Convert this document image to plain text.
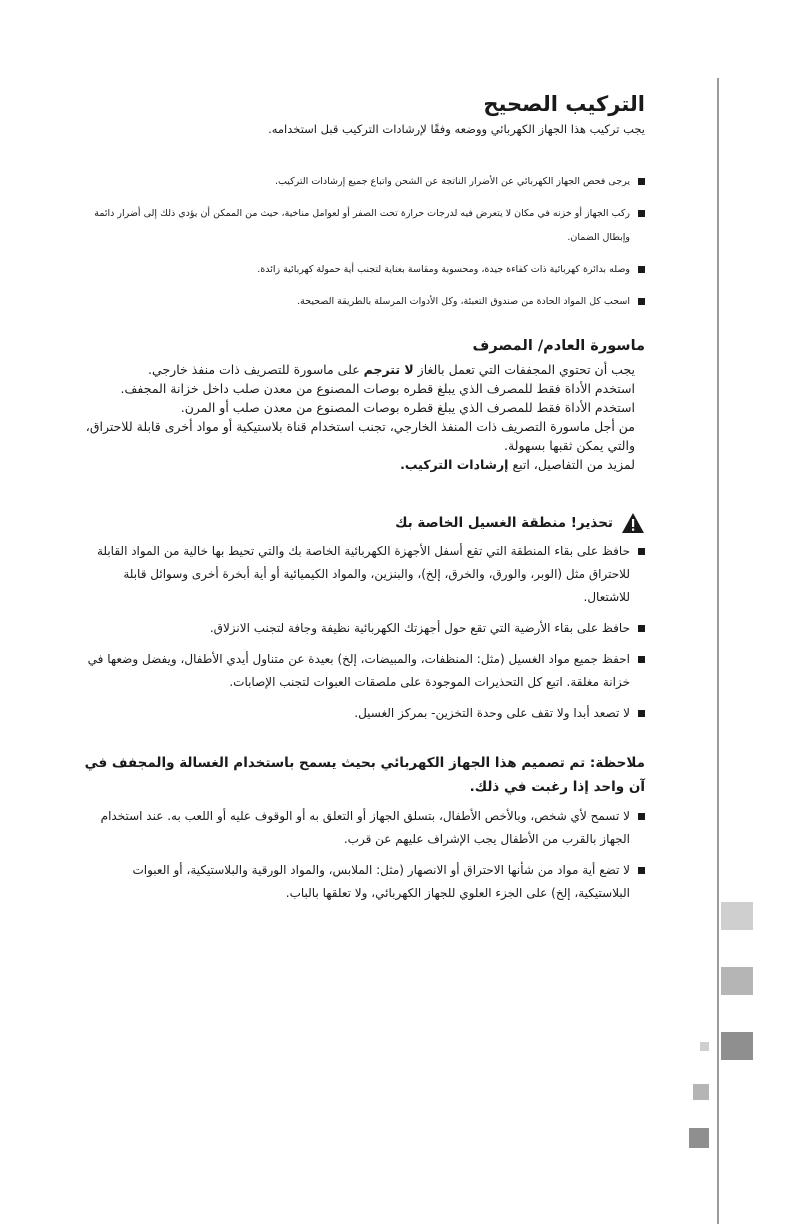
التركيب الصحيح
يجب تركيب هذا الجهاز الكهربائي ووضعه وفقًا لإرشادات التركيب قبل استخدامه.
يرجى فحص الجهاز الكهربائي عن الأضرار الناتجة عن الشحن واتباع جميع إرشادات التركيب.
ركب الجهاز أو خزنه في مكان لا يتعرض فيه لدرجات حرارة تحت الصفر أو لعوامل مناخية، حيث من الممكن أن يؤدي ذلك إلى أضرار دائمة وإبطال الضمان.
وصله بدائرة كهربائية ذات كفاءة جيدة، ومحسوبة ومقاسة بعناية لتجنب أية حمولة كهربائية زائدة.
اسحب كل المواد الحادة من صندوق التعبئة، وكل الأدوات المرسلة بالطريقة الصحيحة.
ماسورة العادم/ المصرف
يجب أن تحتوي المجففات التي تعمل بالغاز لا تترجم على ماسورة للتصريف ذات منفذ خارجي.
استخدم الأداة فقط للمصرف الذي يبلغ قطره بوصات المصنوع من معدن صلب داخل خزانة المجفف. استخدم الأداة فقط للمصرف الذي يبلغ قطره بوصات المصنوع من معدن صلب أو المرن.
من أجل ماسورة التصريف ذات المنفذ الخارجي، تجنب استخدام قناة بلاستيكية أو مواد أخرى قابلة للاحتراق، والتي يمكن ثقبها بسهولة.
لمزيد من التفاصيل، اتبع إرشادات التركيب.
تحذير! منطقة الغسيل الخاصة بك
حافظ على بقاء المنطقة التي تقع أسفل الأجهزة الكهربائية الخاصة بك والتي تحيط بها خالية من المواد القابلة للاحتراق مثل (الوبر، والورق، والخرق، إلخ)، والبنزين، والمواد الكيميائية أو أية أبخرة أخرى وسوائل قابلة للاشتعال.
حافظ على بقاء الأرضية التي تقع حول أجهزتك الكهربائية نظيفة وجافة لتجنب الانزلاق.
احفظ جميع مواد الغسيل (مثل: المنظفات، والمبيضات، إلخ) بعيدة عن متناول أيدي الأطفال، ويفضل وضعها في خزانة مغلقة. اتبع كل التحذيرات الموجودة على ملصقات العبوات لتجنب الإصابات.
لا تصعد أبدا ولا تقف على وحدة التخزين- بمركز الغسيل.
ملاحظة: تم تصميم هذا الجهاز الكهربائي بحيث يسمح باستخدام الغسالة والمجفف في آن واحد إذا رغبت في ذلك.
لا تسمح لأي شخص، وبالأخص الأطفال، بتسلق الجهاز أو التعلق به أو الوقوف عليه أو اللعب به. عند استخدام الجهاز بالقرب من الأطفال يجب الإشراف عليهم عن قرب.
لا تضع أية مواد من شأنها الاحتراق أو الانصهار (مثل: الملابس، والمواد الورقية والبلاستيكية، أو العبوات البلاستيكية، إلخ) على الجزء العلوي للجهاز الكهربائي، ولا تعلقها بالباب.
